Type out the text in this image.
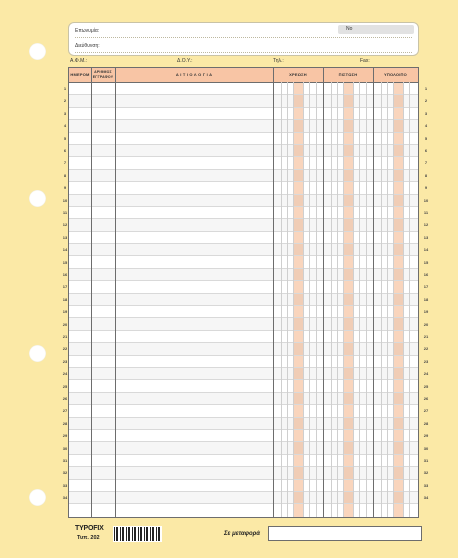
Επωνυμία:	Νο
Διεύθυνση:
Α.Φ.Μ.:	Δ.Ο.Υ.:	Τηλ.:	Fax:
ΗΜΕΡΟΜ	ΑΡΙΘΜΟΣ
ΕΓΓΡΑΦΟΥ	Α Ι Τ Ι Ο Λ Ο Γ Ι Α	ΧΡΕΩΣΗ	ΠΙΣΤΩΣΗ	ΥΠΟΛΟΙΠΟ
1
2
3
4
5
6
7
8
9
10
11
12
13
14
15
16
17
18
19
20
21
22
23
24
25
26
27
28
29
30
31
32
33
34
1
2
3
4
5
6
7
8
9
10
11
12
13
14
15
16
17
18
19
20
21
22
23
24
25
26
27
28
29
30
31
32
33
34
TYPOFIX
Τυπ. 202
Σε μεταφορά
